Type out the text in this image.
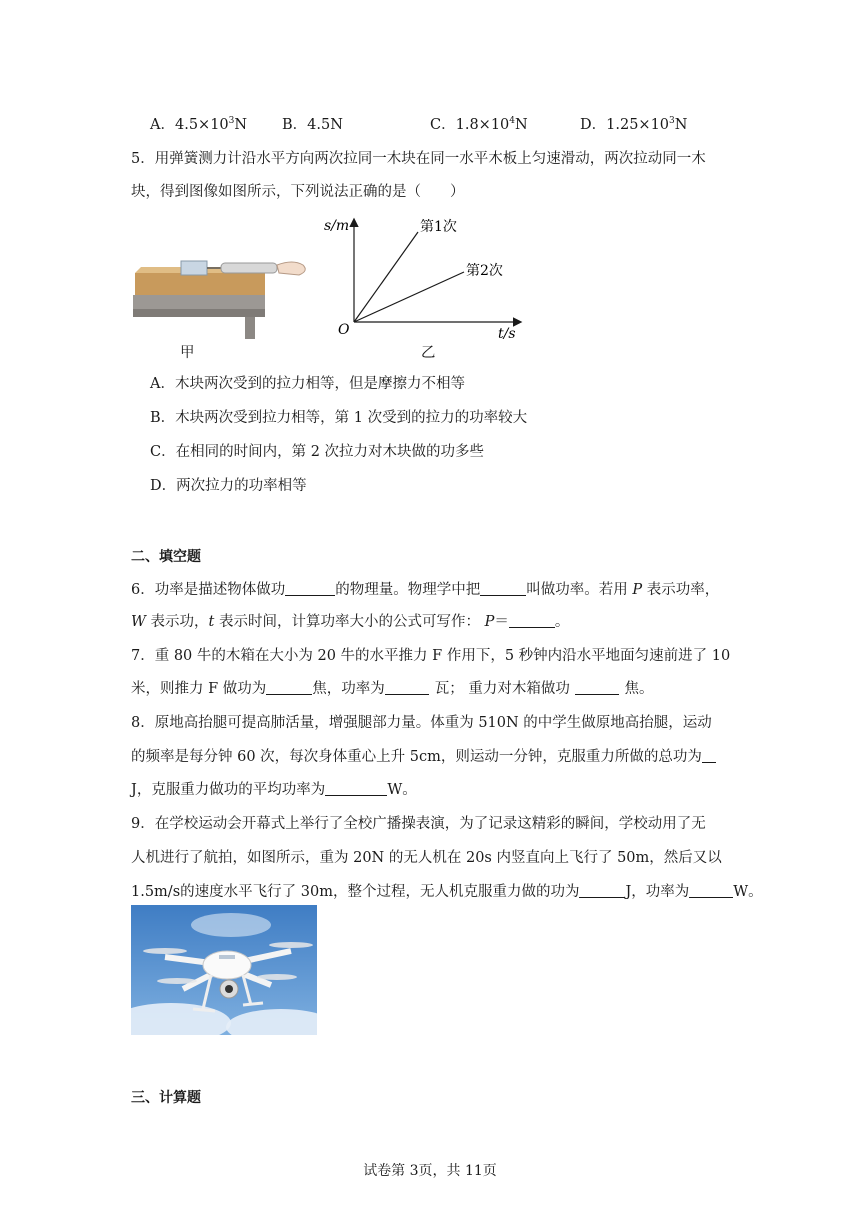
A．$4.5\times 10^3N$ B．4.5N	C．$1.8\times 10^4N$	D．$1.25\times 10^3N$
5．用弹簧测力计沿水平方向两次拉同一木块在同一水平木板上匀速滑动，两次拉动同一木
块，得到图像如图所示，下列说法正确的是（　　）
甲
s/m
t/s
O
第1次
第2次
乙
A．木块两次受到的拉力相等，但是摩擦力不相等
B．木块两次受到拉力相等，第 1 次受到的拉力的功率较大
C．在相同的时间内，第 2 次拉力对木块做的功多些
D．两次拉力的功率相等
二、填空题
6．功率是描述物体做功	的物理量。物理学中把	叫做功率。若用 P 表示功率，
W 表示功，t 表示时间，计算功率大小的公式可写作： P＝	。
7．重 80 牛的木箱在大小为 20 牛的水平推力 F 作用下，5 秒钟内沿水平地面匀速前进了 10
米，则推力 F 做功为	焦，功率为	瓦； 重力对木箱做功	焦。
8．原地高抬腿可提高肺活量，增强腿部力量。体重为 510N 的中学生做原地高抬腿，运动
的频率是每分钟 60 次，每次身体重心上升 5cm，则运动一分钟，克服重力所做的总功为
J，克服重力做功的平均功率为	W。
9．在学校运动会开幕式上举行了全校广播操表演，为了记录这精彩的瞬间，学校动用了无
人机进行了航拍，如图所示，重为 20N 的无人机在 20s 内竖直向上飞行了 50m，然后又以
1.5m/s的速度水平飞行了 30m，整个过程，无人机克服重力做的功为	J，功率为	W。
三、计算题
试卷第 3页，共 11页
